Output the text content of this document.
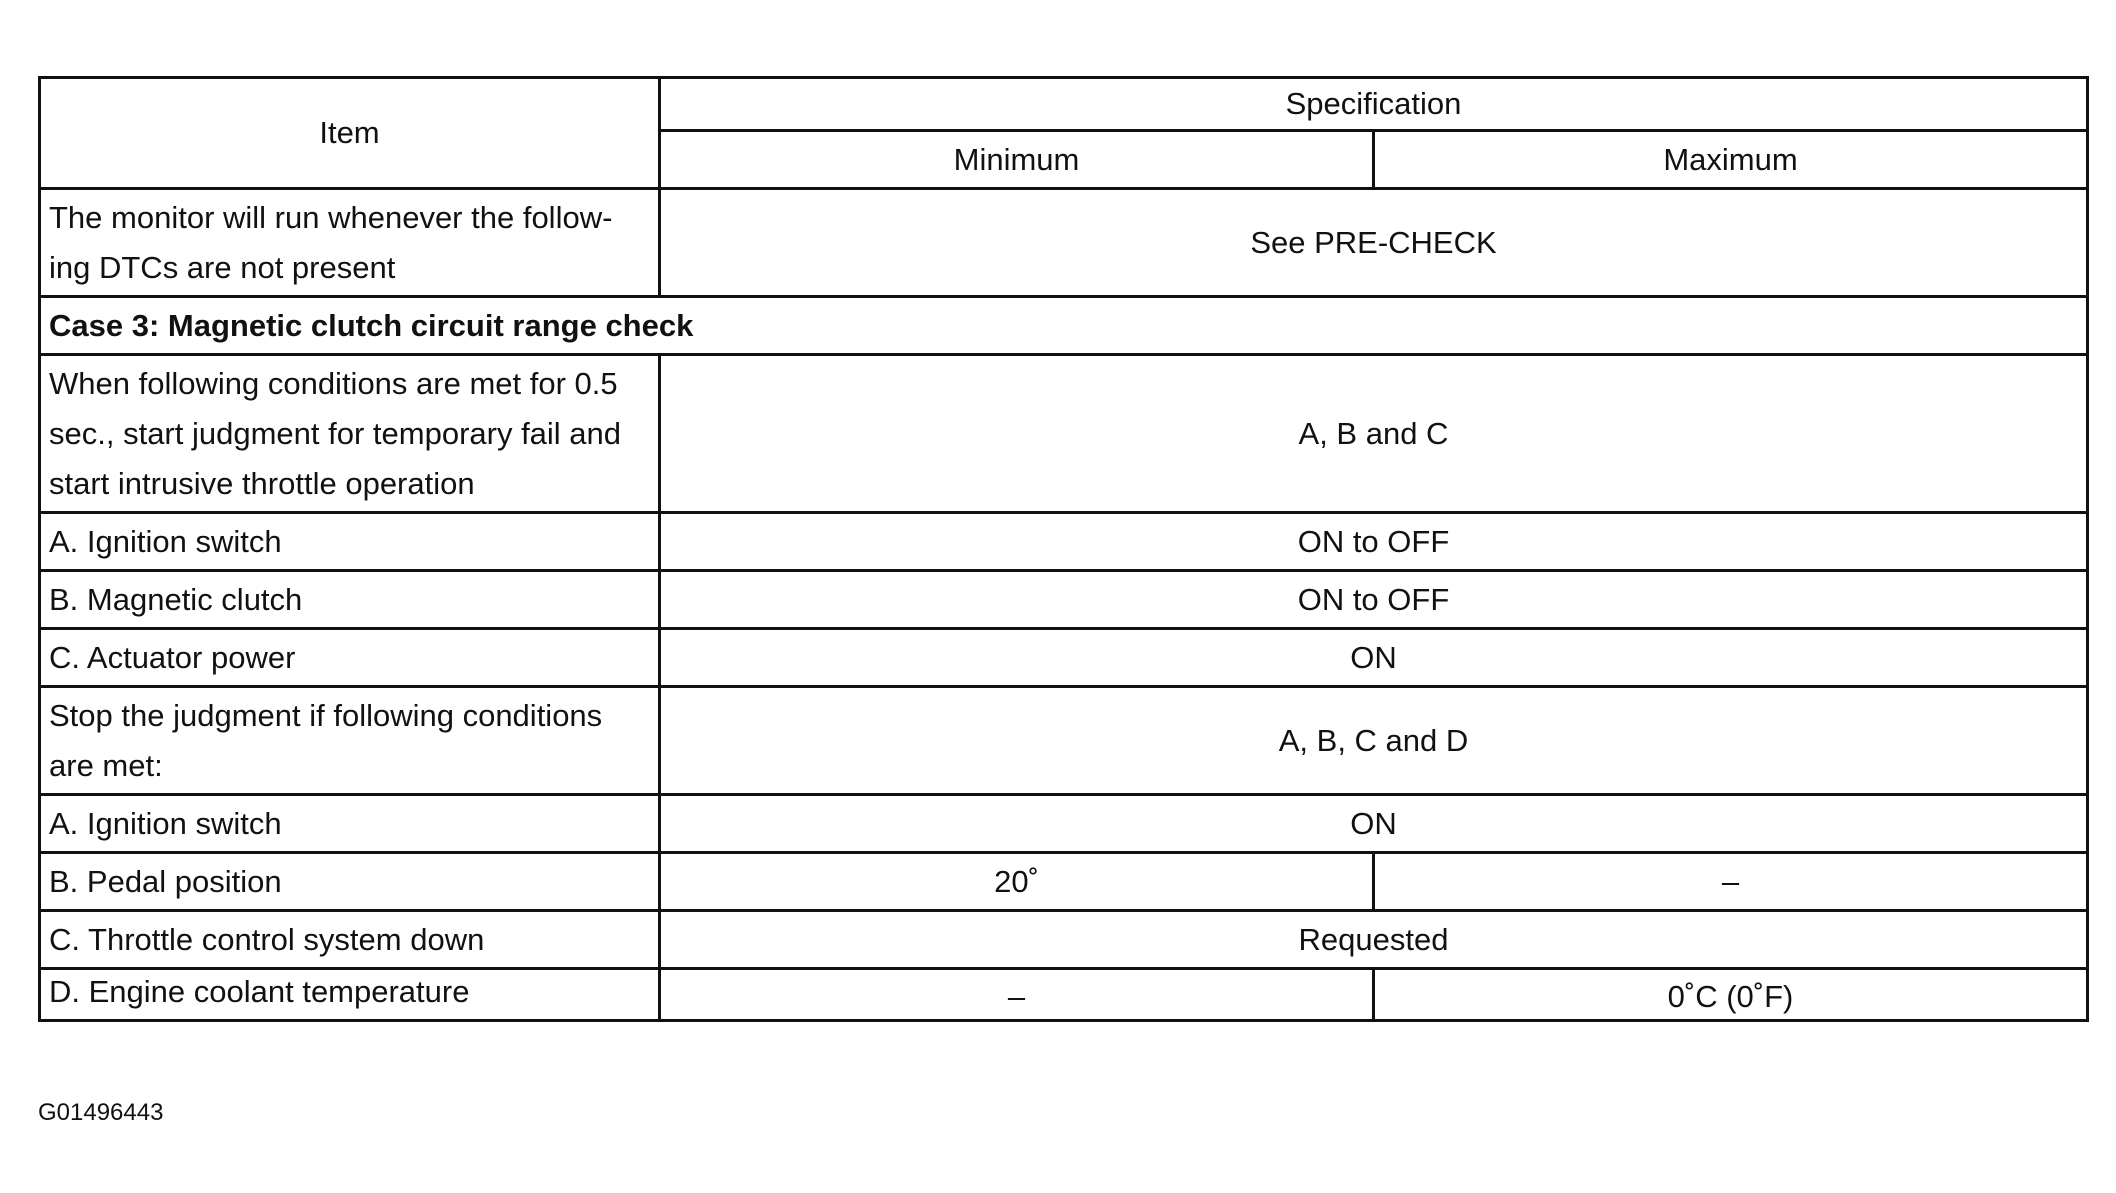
Item	Specification	
	Minimum	Maximum

The monitor will run whenever the follow-
ing DTCs are not present	See PRE-CHECK	
Case 3: Magnetic clutch circuit range check		

When following conditions are met for 0.5
sec., start judgment for temporary fail and
start intrusive throttle operation	A, B and C	
A. Ignition switch	ON to OFF	
B. Magnetic clutch	ON to OFF	
C. Actuator power	ON	

Stop the judgment if following conditions
are met:	A, B, C and D	
A. Ignition switch	ON	
B. Pedal position	20˚	–
C. Throttle control system down	Requested	
D. Engine coolant temperature	–	0˚C (0˚F)
G01496443
